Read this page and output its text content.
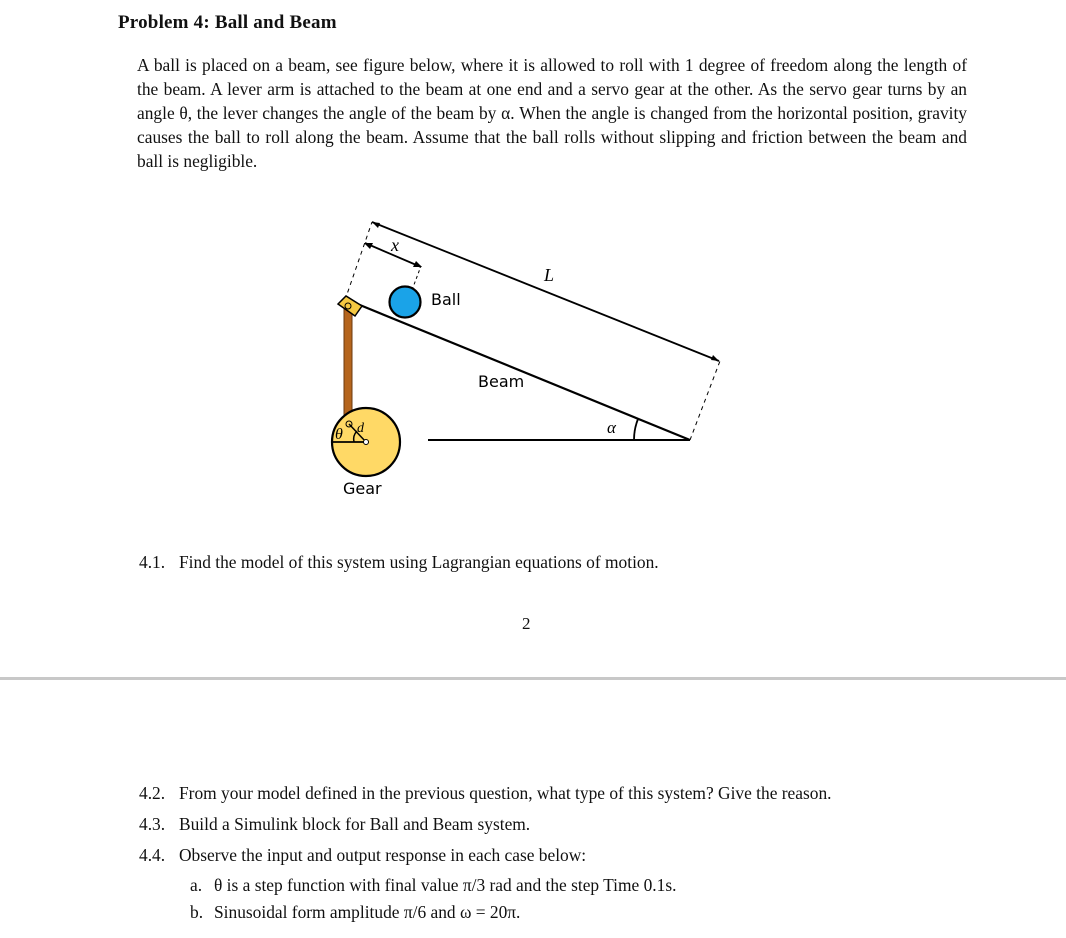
Problem 4: Ball and Beam
A ball is placed on a beam, see figure below, where it is allowed to roll with 1 degree of freedom along the length of the beam. A lever arm is attached to the beam at one end and a servo gear at the other. As the servo gear turns by an angle θ, the lever changes the angle of the beam by α. When the angle is changed from the horizontal position, gravity causes the ball to roll along the beam. Assume that the ball rolls without slipping and friction between the beam and ball is negligible.
x
L
Ball
Beam
α
θ d
Gear
4.1. Find the model of this system using Lagrangian equations of motion.
2
4.2. From your model defined in the previous question, what type of this system? Give the reason.
4.3. Build a Simulink block for Ball and Beam system.
4.4. Observe the input and output response in each case below:
a. θ is a step function with final value π/3 rad and the step Time 0.1s.
b. Sinusoidal form amplitude π/6 and ω = 20π.
